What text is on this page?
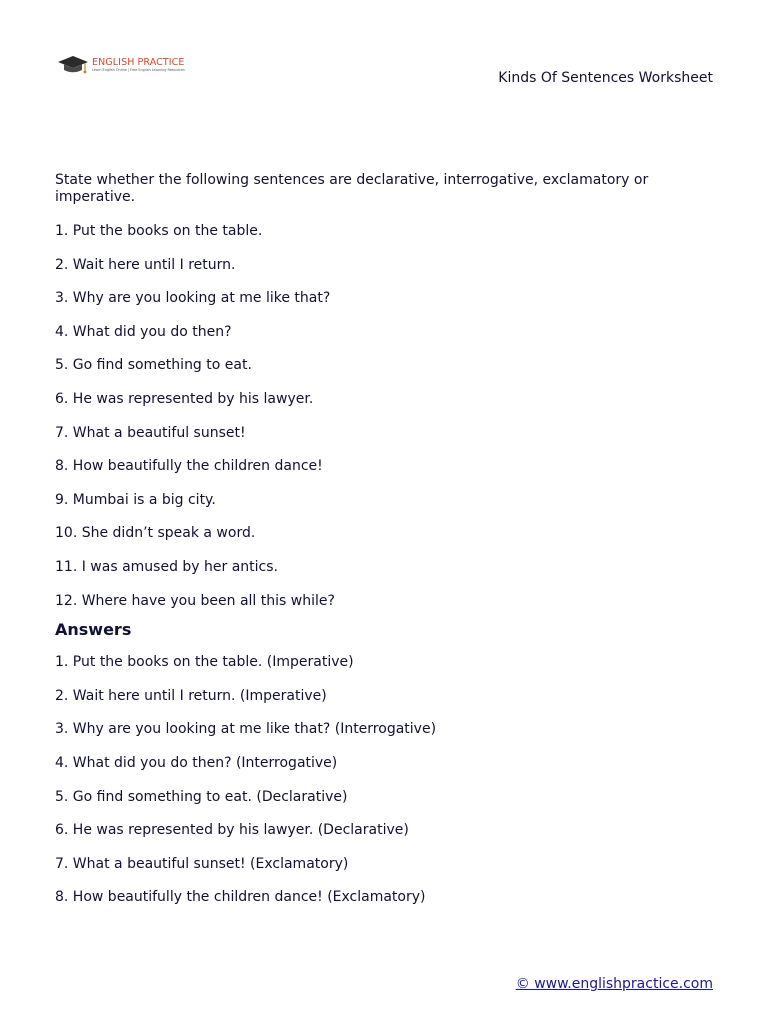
ENGLISH PRACTICE
Learn English Online | Free English Learning Resources	Kinds Of Sentences Worksheet
State whether the following sentences are declarative, interrogative, exclamatory or imperative.
1. Put the books on the table.
2. Wait here until I return.
3. Why are you looking at me like that?
4. What did you do then?
5. Go find something to eat.
6. He was represented by his lawyer.
7. What a beautiful sunset!
8. How beautifully the children dance!
9. Mumbai is a big city.
10. She didn’t speak a word.
11. I was amused by her antics.
12. Where have you been all this while?
Answers
1. Put the books on the table. (Imperative)
2. Wait here until I return. (Imperative)
3. Why are you looking at me like that? (Interrogative)
4. What did you do then? (Interrogative)
5. Go find something to eat. (Declarative)
6. He was represented by his lawyer. (Declarative)
7. What a beautiful sunset! (Exclamatory)
8. How beautifully the children dance! (Exclamatory)
© www.englishpractice.com
